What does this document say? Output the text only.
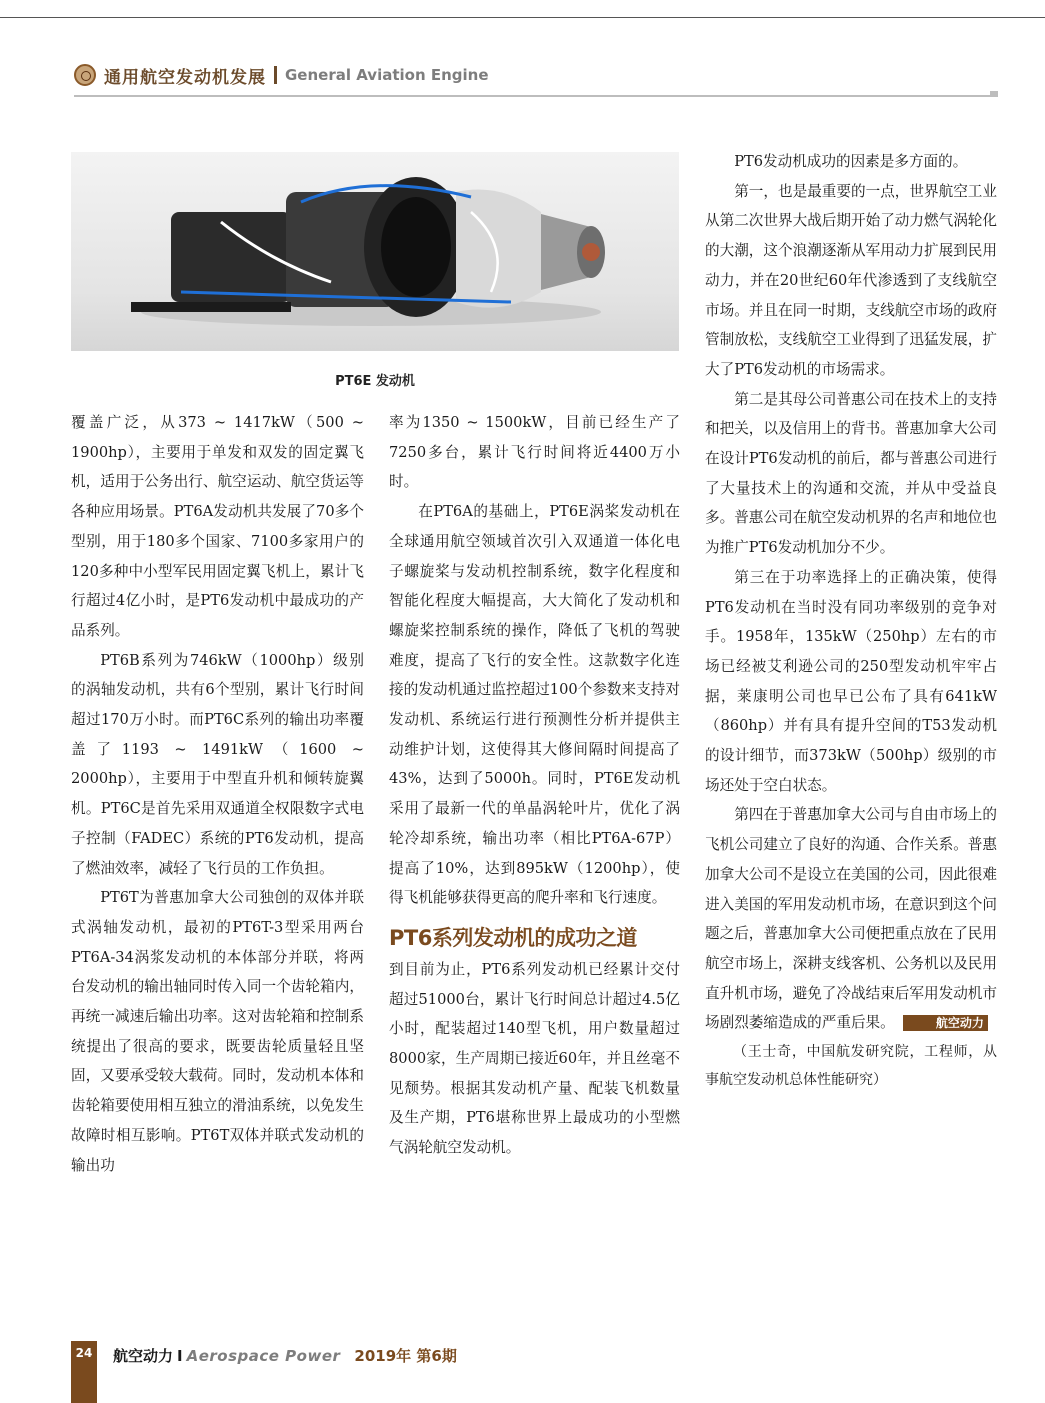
通用航空发动机发展 General Aviation Engine
PT6E 发动机

覆盖广泛，从373 ~ 1417kW（500 ~ 1900hp），主要用于单发和双发的固定翼飞机，适用于公务出行、航空运动、航空货运等各种应用场景。PT6A发动机共发展了70多个型别，用于180多个国家、7100多家用户的120多种中小型军民用固定翼飞机上，累计飞行超过4亿小时，是PT6发动机中最成功的产品系列。

PT6B系列为746kW（1000hp）级别的涡轴发动机，共有6个型别，累计飞行时间超过170万小时。而PT6C系列的输出功率覆盖了1193 ~ 1491kW（1600 ~ 2000hp），主要用于中型直升机和倾转旋翼机。PT6C是首先采用双通道全权限数字式电子控制（FADEC）系统的PT6发动机，提高了燃油效率，减轻了飞行员的工作负担。

PT6T为普惠加拿大公司独创的双体并联式涡轴发动机，最初的PT6T-3型采用两台PT6A-34涡浆发动机的本体部分并联，将两台发动机的输出轴同时传入同一个齿轮箱内，再统一减速后输出功率。这对齿轮箱和控制系统提出了很高的要求，既要齿轮质量轻且坚固，又要承受较大载荷。同时，发动机本体和齿轮箱要使用相互独立的滑油系统，以免发生故障时相互影响。PT6T双体并联式发动机的输出功

率为1350 ~ 1500kW，目前已经生产了7250多台，累计飞行时间将近4400万小时。

在PT6A的基础上，PT6E涡桨发动机在全球通用航空领域首次引入双通道一体化电子螺旋桨与发动机控制系统，数字化程度和智能化程度大幅提高，大大简化了发动机和螺旋桨控制系统的操作，降低了飞机的驾驶难度，提高了飞行的安全性。这款数字化连接的发动机通过监控超过100个参数来支持对发动机、系统运行进行预测性分析并提供主动维护计划，这使得其大修间隔时间提高了43%，达到了5000h。同时，PT6E发动机采用了最新一代的单晶涡轮叶片，优化了涡轮冷却系统，输出功率（相比PT6A-67P）提高了10%，达到895kW（1200hp），使得飞机能够获得更高的爬升率和飞行速度。

PT6系列发动机的成功之道

到目前为止，PT6系列发动机已经累计交付超过51000台，累计飞行时间总计超过4.5亿小时，配装超过140型飞机，用户数量超过8000家，生产周期已接近60年，并且丝毫不见颓势。根据其发动机产量、配装飞机数量及生产期，PT6堪称世界上最成功的小型燃气涡轮航空发动机。

PT6发动机成功的因素是多方面的。

第一，也是最重要的一点，世界航空工业从第二次世界大战后期开始了动力燃气涡轮化的大潮，这个浪潮逐渐从军用动力扩展到民用动力，并在20世纪60年代渗透到了支线航空市场。并且在同一时期，支线航空市场的政府管制放松，支线航空工业得到了迅猛发展，扩大了PT6发动机的市场需求。

第二是其母公司普惠公司在技术上的支持和把关，以及信用上的背书。普惠加拿大公司在设计PT6发动机的前后，都与普惠公司进行了大量技术上的沟通和交流，并从中受益良多。普惠公司在航空发动机界的名声和地位也为推广PT6发动机加分不少。

第三在于功率选择上的正确决策，使得PT6发动机在当时没有同功率级别的竞争对手。1958年，135kW（250hp）左右的市场已经被艾利逊公司的250型发动机牢牢占据，莱康明公司也早已公布了具有641kW（860hp）并有具有提升空间的T53发动机的设计细节，而373kW（500hp）级别的市场还处于空白状态。

第四在于普惠加拿大公司与自由市场上的飞机公司建立了良好的沟通、合作关系。普惠加拿大公司不是设立在美国的公司，因此很难进入美国的军用发动机市场，在意识到这个问题之后，普惠加拿大公司便把重点放在了民用航空市场上，深耕支线客机、公务机以及民用直升机市场，避免了冷战结束后军用发动机市场剧烈萎缩造成的严重后果。	航空动力

（王士奇，中国航发研究院，工程师，从事航空发动机总体性能研究）

24	航空动力 I Aerospace Power 2019年 第6期
